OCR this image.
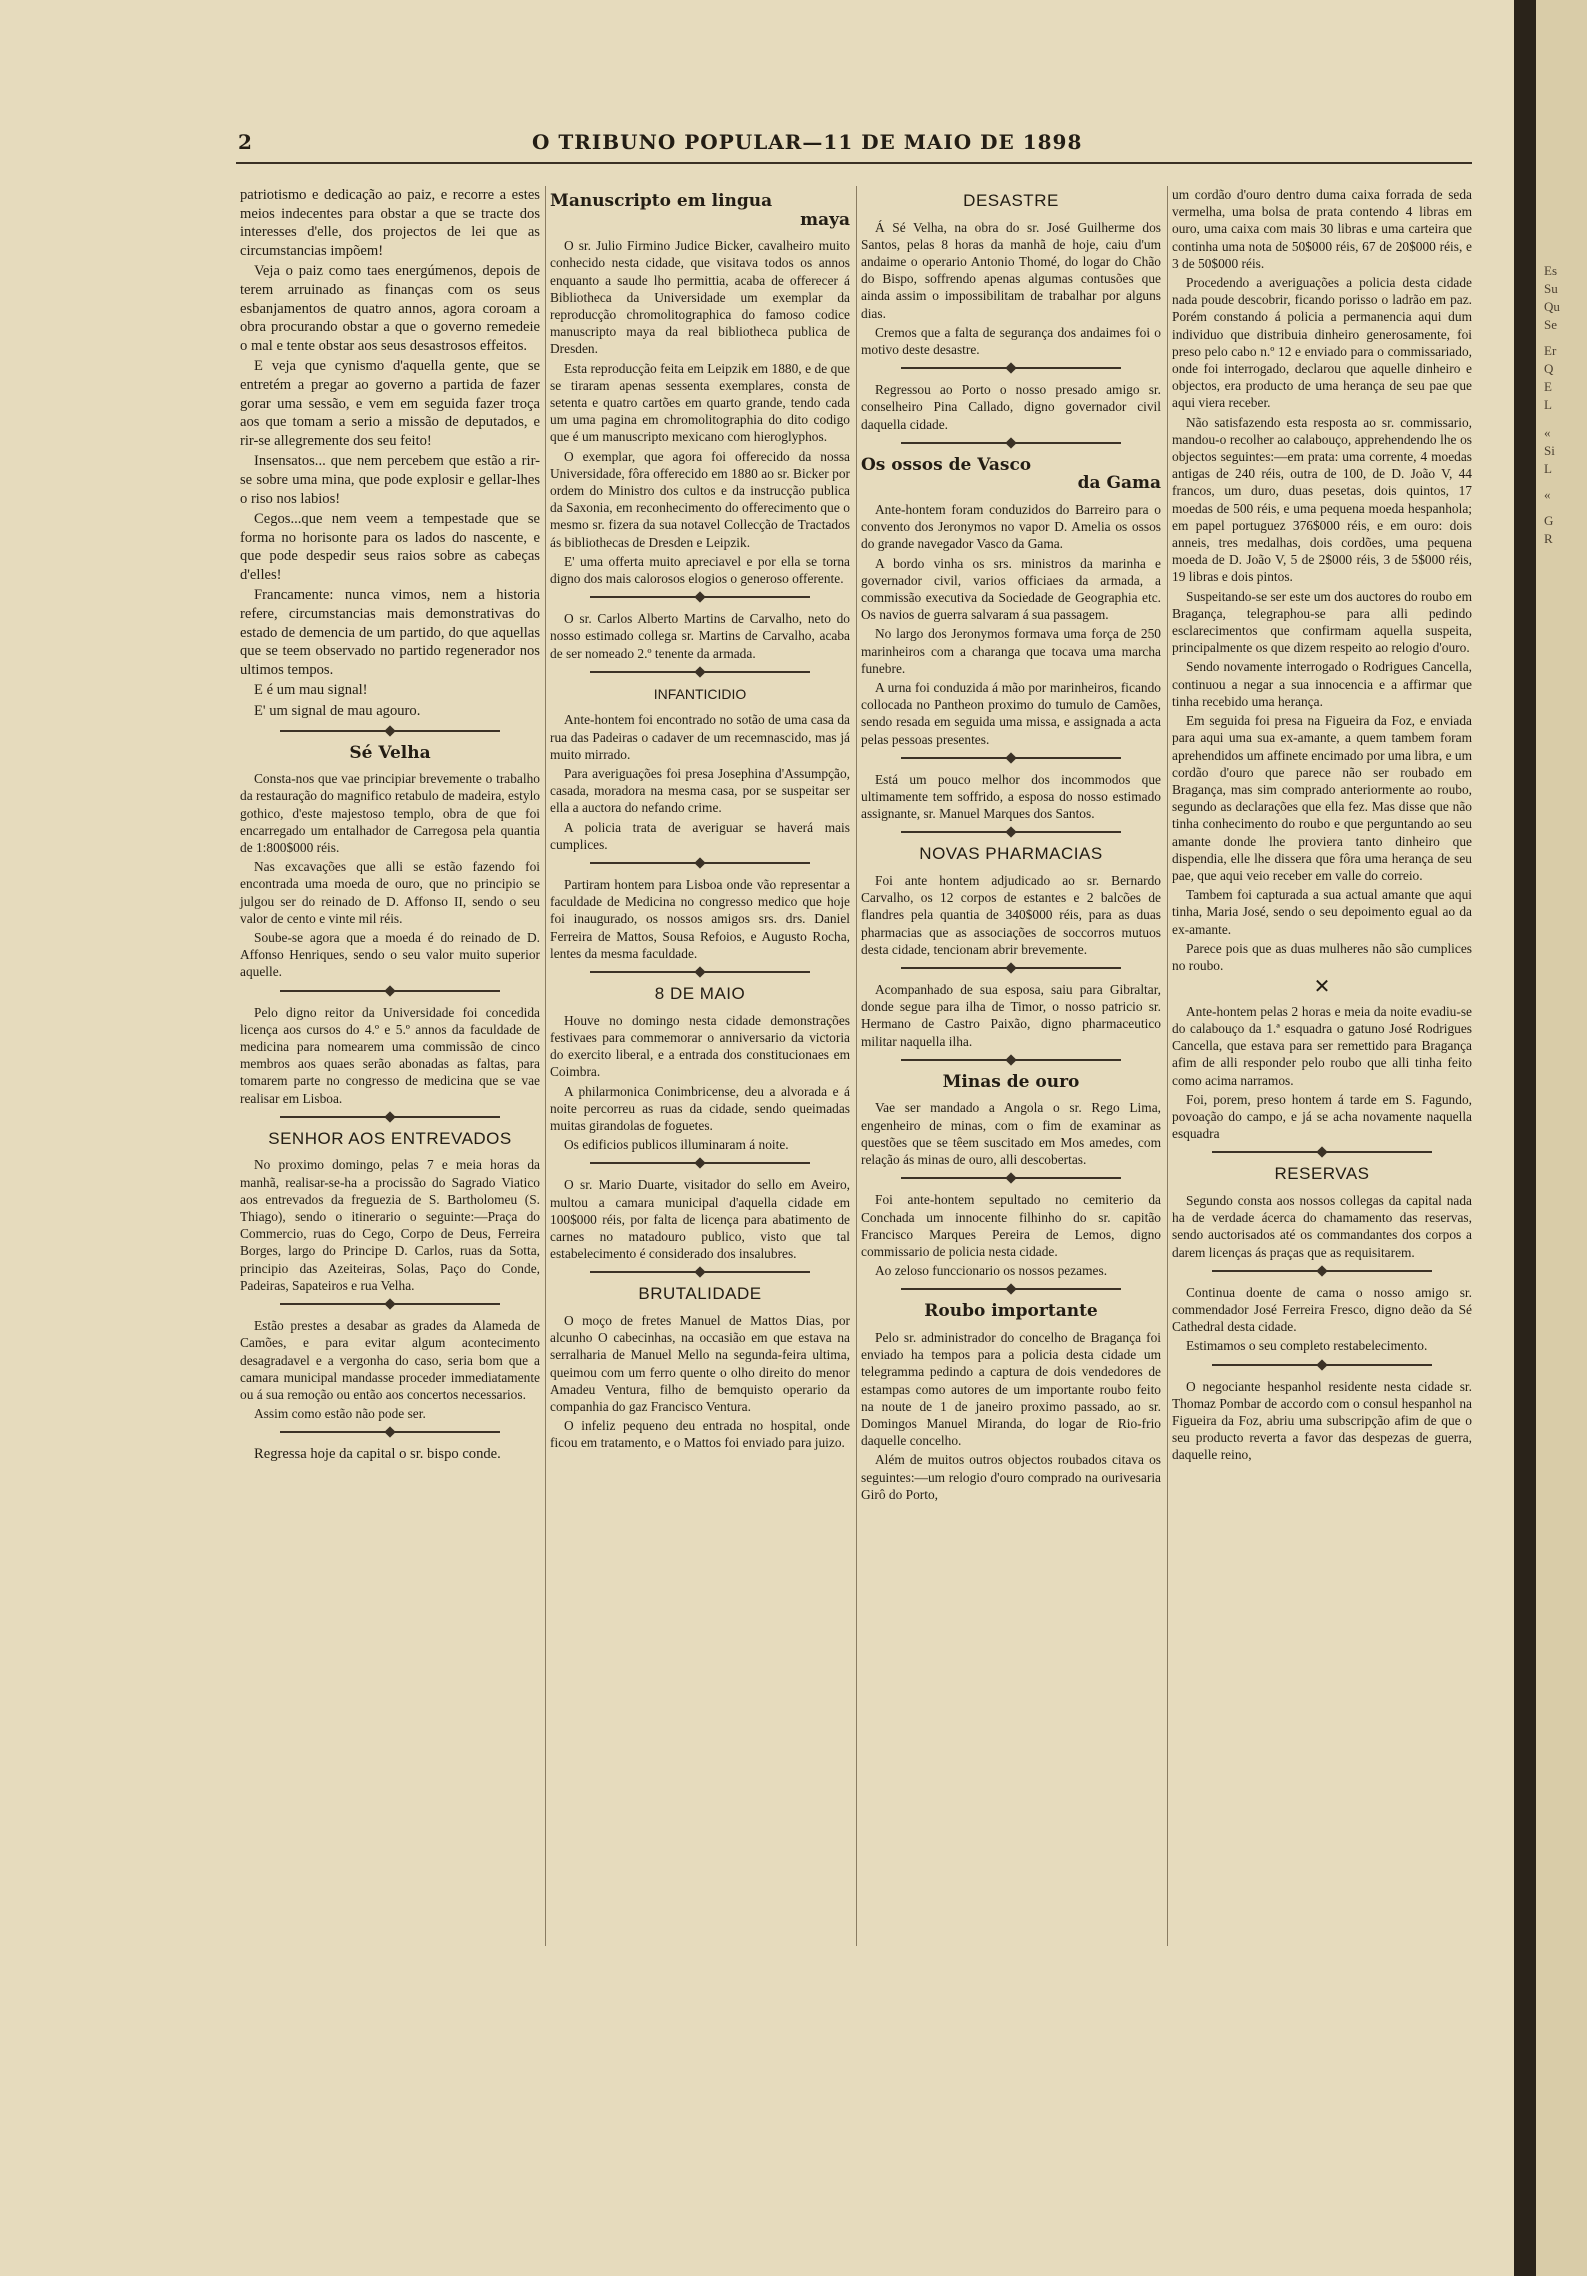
2	O TRIBUNO POPULAR—11 DE MAIO DE 1898

patriotismo e dedicação ao paiz, e recorre a estes meios indecentes para obstar a que se tracte dos interesses d'elle, dos projectos de lei que as circumstancias impõem!

Veja o paiz como taes energúmenos, depois de terem arruinado as finanças com os seus esbanjamentos de quatro annos, agora coroam a obra procurando obstar a que o governo remedeie o mal e tente obstar aos seus desastrosos effeitos.

E veja que cynismo d'aquella gente, que se entretém a pregar ao governo a partida de fazer gorar uma sessão, e vem em seguida fazer troça aos que tomam a serio a missão de deputados, e rir-se allegremente dos seu feito!

Insensatos... que nem percebem que estão a rir-se sobre uma mina, que pode explosir e gellar-lhes o riso nos labios!

Cegos...que nem veem a tempestade que se forma no horisonte para os lados do nascente, e que pode despedir seus raios sobre as cabeças d'elles!

Francamente: nunca vimos, nem a historia refere, circumstancias mais demonstrativas do estado de demencia de um partido, do que aquellas que se teem observado no partido regenerador nos ultimos tempos.

E é um mau signal!

E' um signal de mau agouro.

Sé Velha

Consta-nos que vae principiar brevemente o trabalho da restauração do magnifico retabulo de madeira, estylo gothico, d'este majestoso templo, obra de que foi encarregado um entalhador de Carregosa pela quantia de 1:800$000 réis.

Nas excavações que alli se estão fazendo foi encontrada uma moeda de ouro, que no principio se julgou ser do reinado de D. Affonso II, sendo o seu valor de cento e vinte mil réis.

Soube-se agora que a moeda é do reinado de D. Affonso Henriques, sendo o seu valor muito superior aquelle.

Pelo digno reitor da Universidade foi concedida licença aos cursos do 4.º e 5.º annos da faculdade de medicina para nomearem uma commissão de cinco membros aos quaes serão abonadas as faltas, para tomarem parte no congresso de medicina que se vae realisar em Lisboa.

SENHOR AOS ENTREVADOS

No proximo domingo, pelas 7 e meia horas da manhã, realisar-se-ha a procissão do Sagrado Viatico aos entrevados da freguezia de S. Bartholomeu (S. Thiago), sendo o itinerario o seguinte:—Praça do Commercio, ruas do Cego, Corpo de Deus, Ferreira Borges, largo do Principe D. Carlos, ruas da Sotta, principio das Azeiteiras, Solas, Paço do Conde, Padeiras, Sapateiros e rua Velha.

Estão prestes a desabar as grades da Alameda de Camões, e para evitar algum acontecimento desagradavel e a vergonha do caso, seria bom que a camara municipal mandasse proceder immediatamente ou á sua remoção ou então aos concertos necessarios.

Assim como estão não pode ser.

Regressa hoje da capital o sr. bispo conde.

Manuscripto em lingua
maya

O sr. Julio Firmino Judice Bicker, cavalheiro muito conhecido nesta cidade, que visitava todos os annos enquanto a saude lho permittia, acaba de offerecer á Bibliotheca da Universidade um exemplar da reproducção chromolitographica do famoso codice manuscripto maya da real bibliotheca publica de Dresden.

Esta reproducção feita em Leipzik em 1880, e de que se tiraram apenas sessenta exemplares, consta de setenta e quatro cartões em quarto grande, tendo cada um uma pagina em chromolitographia do dito codigo que é um manuscripto mexicano com hieroglyphos.

O exemplar, que agora foi offerecido da nossa Universidade, fôra offerecido em 1880 ao sr. Bicker por ordem do Ministro dos cultos e da instrucção publica da Saxonia, em reconhecimento do offerecimento que o mesmo sr. fizera da sua notavel Collecção de Tractados ás bibliothecas de Dresden e Leipzik.

E' uma offerta muito apreciavel e por ella se torna digno dos mais calorosos elogios o generoso offerente.

O sr. Carlos Alberto Martins de Carvalho, neto do nosso estimado collega sr. Martins de Carvalho, acaba de ser nomeado 2.º tenente da armada.

INFANTICIDIO

Ante-hontem foi encontrado no sotão de uma casa da rua das Padeiras o cadaver de um recemnascido, mas já muito mirrado.

Para averiguações foi presa Josephina d'Assumpção, casada, moradora na mesma casa, por se suspeitar ser ella a auctora do nefando crime.

A policia trata de averiguar se haverá mais cumplices.

Partiram hontem para Lisboa onde vão representar a faculdade de Medicina no congresso medico que hoje foi inaugurado, os nossos amigos srs. drs. Daniel Ferreira de Mattos, Sousa Refoios, e Augusto Rocha, lentes da mesma faculdade.

8 DE MAIO

Houve no domingo nesta cidade demonstrações festivaes para commemorar o anniversario da victoria do exercito liberal, e a entrada dos constitucionaes em Coimbra.

A philarmonica Conimbricense, deu a alvorada e á noite percorreu as ruas da cidade, sendo queimadas muitas girandolas de foguetes.

Os edificios publicos illuminaram á noite.

O sr. Mario Duarte, visitador do sello em Aveiro, multou a camara municipal d'aquella cidade em 100$000 réis, por falta de licença para abatimento de carnes no matadouro publico, visto que tal estabelecimento é considerado dos insalubres.

BRUTALIDADE

O moço de fretes Manuel de Mattos Dias, por alcunho O cabecinhas, na occasião em que estava na serralharia de Manuel Mello na segunda-feira ultima, queimou com um ferro quente o olho direito do menor Amadeu Ventura, filho de bemquisto operario da companhia do gaz Francisco Ventura.

O infeliz pequeno deu entrada no hospital, onde ficou em tratamento, e o Mattos foi enviado para juizo.

DESASTRE

Á Sé Velha, na obra do sr. José Guilherme dos Santos, pelas 8 horas da manhã de hoje, caiu d'um andaime o operario Antonio Thomé, do logar do Chão do Bispo, soffrendo apenas algumas contusões que ainda assim o impossibilitam de trabalhar por alguns dias.

Cremos que a falta de segurança dos andaimes foi o motivo deste desastre.

Regressou ao Porto o nosso presado amigo sr. conselheiro Pina Callado, digno governador civil daquella cidade.

Os ossos de Vasco
da Gama

Ante-hontem foram conduzidos do Barreiro para o convento dos Jeronymos no vapor D. Amelia os ossos do grande navegador Vasco da Gama.

A bordo vinha os srs. ministros da marinha e governador civil, varios officiaes da armada, a commissão executiva da Sociedade de Geographia etc. Os navios de guerra salvaram á sua passagem.

No largo dos Jeronymos formava uma força de 250 marinheiros com a charanga que tocava uma marcha funebre.

A urna foi conduzida á mão por marinheiros, ficando collocada no Pantheon proximo do tumulo de Camões, sendo resada em seguida uma missa, e assignada a acta pelas pessoas presentes.

Está um pouco melhor dos incommodos que ultimamente tem soffrido, a esposa do nosso estimado assignante, sr. Manuel Marques dos Santos.

NOVAS PHARMACIAS

Foi ante hontem adjudicado ao sr. Bernardo Carvalho, os 12 corpos de estantes e 2 balcões de flandres pela quantia de 340$000 réis, para as duas pharmacias que as associações de soccorros mutuos desta cidade, tencionam abrir brevemente.

Acompanhado de sua esposa, saiu para Gibraltar, donde segue para ilha de Timor, o nosso patricio sr. Hermano de Castro Paixão, digno pharmaceutico militar naquella ilha.

Minas de ouro

Vae ser mandado a Angola o sr. Rego Lima, engenheiro de minas, com o fim de examinar as questões que se têem suscitado em Mos amedes, com relação ás minas de ouro, alli descobertas.

Foi ante-hontem sepultado no cemiterio da Conchada um innocente filhinho do sr. capitão Francisco Marques Pereira de Lemos, digno commissario de policia nesta cidade.

Ao zeloso funccionario os nossos pezames.

Roubo importante

Pelo sr. administrador do concelho de Bragança foi enviado ha tempos para a policia desta cidade um telegramma pedindo a captura de dois vendedores de estampas como autores de um importante roubo feito na noute de 1 de janeiro proximo passado, ao sr. Domingos Manuel Miranda, do logar de Rio-frio daquelle concelho.

Além de muitos outros objectos roubados citava os seguintes:—um relogio d'ouro comprado na ourivesaria Girô do Porto,

um cordão d'ouro dentro duma caixa forrada de seda vermelha, uma bolsa de prata contendo 4 libras em ouro, uma caixa com mais 30 libras e uma carteira que continha uma nota de 50$000 réis, 67 de 20$000 réis, e 3 de 50$000 réis.

Procedendo a averiguações a policia desta cidade nada poude descobrir, ficando porisso o ladrão em paz. Porém constando á policia a permanencia aqui dum individuo que distribuia dinheiro generosamente, foi preso pelo cabo n.º 12 e enviado para o commissariado, onde foi interrogado, declarou que aquelle dinheiro e objectos, era producto de uma herança de seu pae que aqui viera receber.

Não satisfazendo esta resposta ao sr. commissario, mandou-o recolher ao calabouço, apprehendendo lhe os objectos seguintes:—em prata: uma corrente, 4 moedas antigas de 240 réis, outra de 100, de D. João V, 44 francos, um duro, duas pesetas, dois quintos, 17 moedas de 500 réis, e uma pequena moeda hespanhola; em papel portuguez 376$000 réis, e em ouro: dois anneis, tres medalhas, dois cordões, uma pequena moeda de D. João V, 5 de 2$000 réis, 3 de 5$000 réis, 19 libras e dois pintos.

Suspeitando-se ser este um dos auctores do roubo em Bragança, telegraphou-se para alli pedindo esclarecimentos que confirmam aquella suspeita, principalmente os que dizem respeito ao relogio d'ouro.

Sendo novamente interrogado o Rodrigues Cancella, continuou a negar a sua innocencia e a affirmar que tinha recebido uma herança.

Em seguida foi presa na Figueira da Foz, e enviada para aqui uma sua ex-amante, a quem tambem foram aprehendidos um affinete encimado por uma libra, e um cordão d'ouro que parece não ser roubado em Bragança, mas sim comprado anteriormente ao roubo, segundo as declarações que ella fez. Mas disse que não tinha conhecimento do roubo e que perguntando ao seu amante donde lhe proviera tanto dinheiro que dispendia, elle lhe dissera que fôra uma herança de seu pae, que aqui veio receber em valle do correio.

Tambem foi capturada a sua actual amante que aqui tinha, Maria José, sendo o seu depoimento egual ao da ex-amante.

Parece pois que as duas mulheres não são cumplices no roubo.

✕

Ante-hontem pelas 2 horas e meia da noite evadiu-se do calabouço da 1.ª esquadra o gatuno José Rodrigues Cancella, que estava para ser remettido para Bragança afim de alli responder pelo roubo que alli tinha feito como acima narramos.

Foi, porem, preso hontem á tarde em S. Fagundo, povoação do campo, e já se acha novamente naquella esquadra

RESERVAS

Segundo consta aos nossos collegas da capital nada ha de verdade ácerca do chamamento das reservas, sendo auctorisados até os commandantes dos corpos a darem licenças ás praças que as requisitarem.

Continua doente de cama o nosso amigo sr. commendador José Ferreira Fresco, digno deão da Sé Cathedral desta cidade.

Estimamos o seu completo restabelecimento.

O negociante hespanhol residente nesta cidade sr. Thomaz Pombar de accordo com o consul hespanhol na Figueira da Foz, abriu uma subscripção afim de que o seu producto reverta a favor das despezas de guerra, daquelle reino,

Es
Su
Qu
Se
Er
Q
E
L
«
Si
L
«
G
R
